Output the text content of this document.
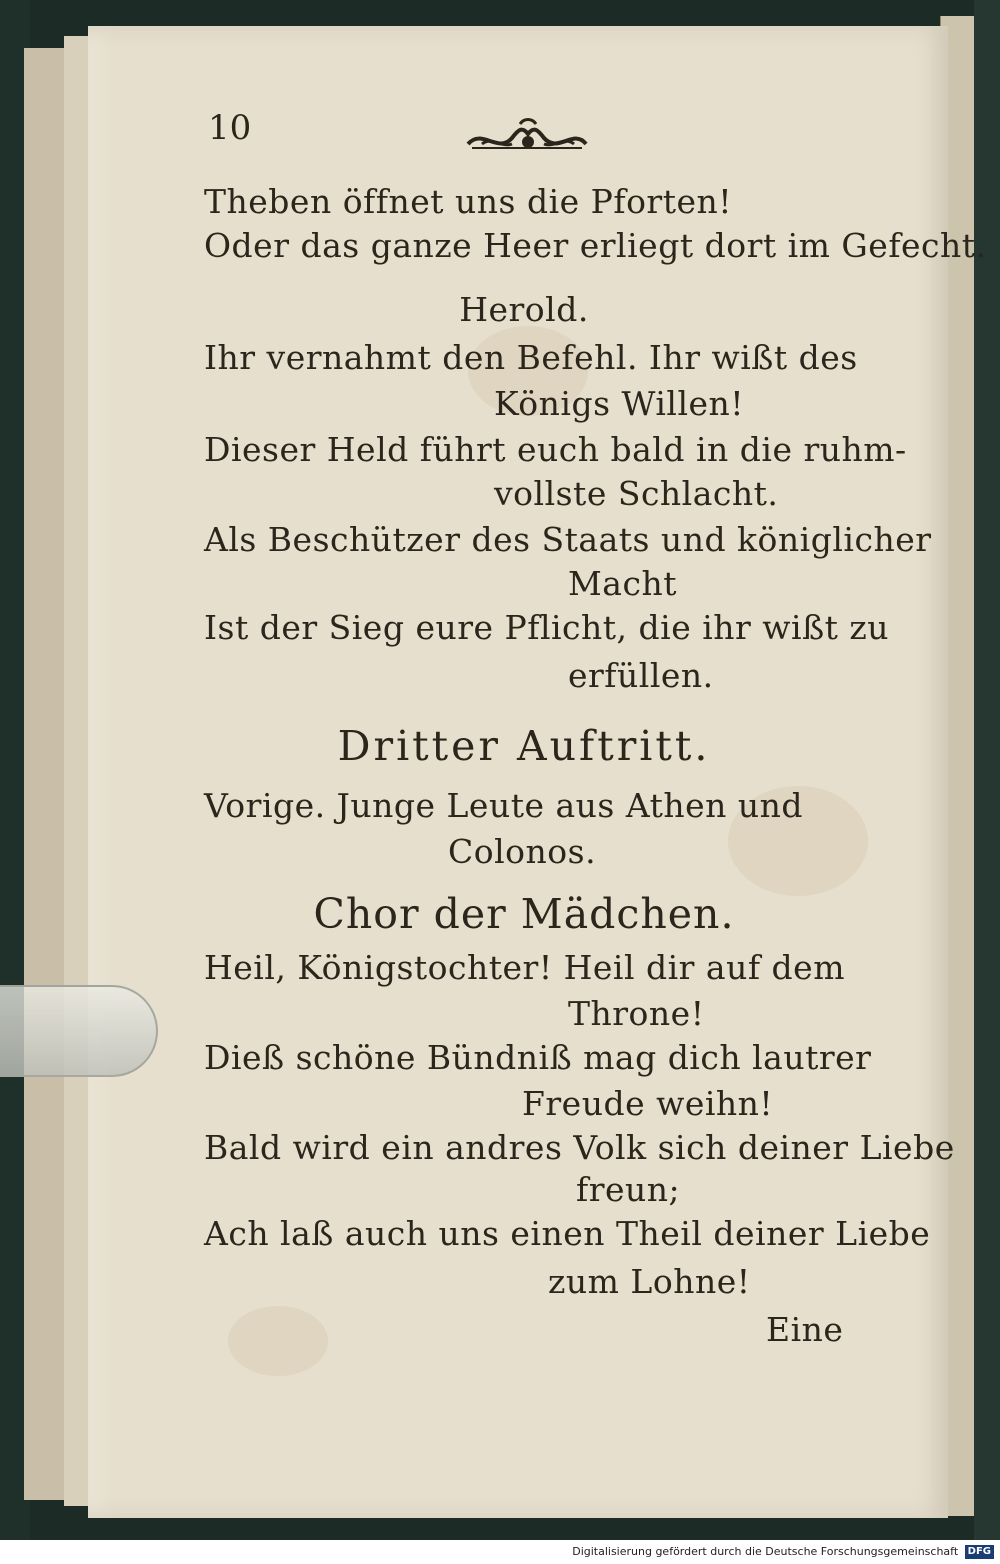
10
Theben öffnet uns die Pforten!
Oder das ganze Heer erliegt dort im Gefecht.
Herold.
Ihr vernahmt den Befehl. Ihr wißt des
Königs Willen!
Dieser Held führt euch bald in die ruhm-
vollste Schlacht.
Als Beschützer des Staats und königlicher
Macht
Ist der Sieg eure Pflicht, die ihr wißt zu
erfüllen.
Dritter Auftritt.
Vorige. Junge Leute aus Athen und
Colonos.
Chor der Mädchen.
Heil, Königstochter! Heil dir auf dem
Throne!
Dieß schöne Bündniß mag dich lautrer
Freude weihn!
Bald wird ein andres Volk sich deiner Liebe
freun;
Ach laß auch uns einen Theil deiner Liebe
zum Lohne!
Eine
Digitalisierung gefördert durch die Deutsche Forschungsgemeinschaft DFG
